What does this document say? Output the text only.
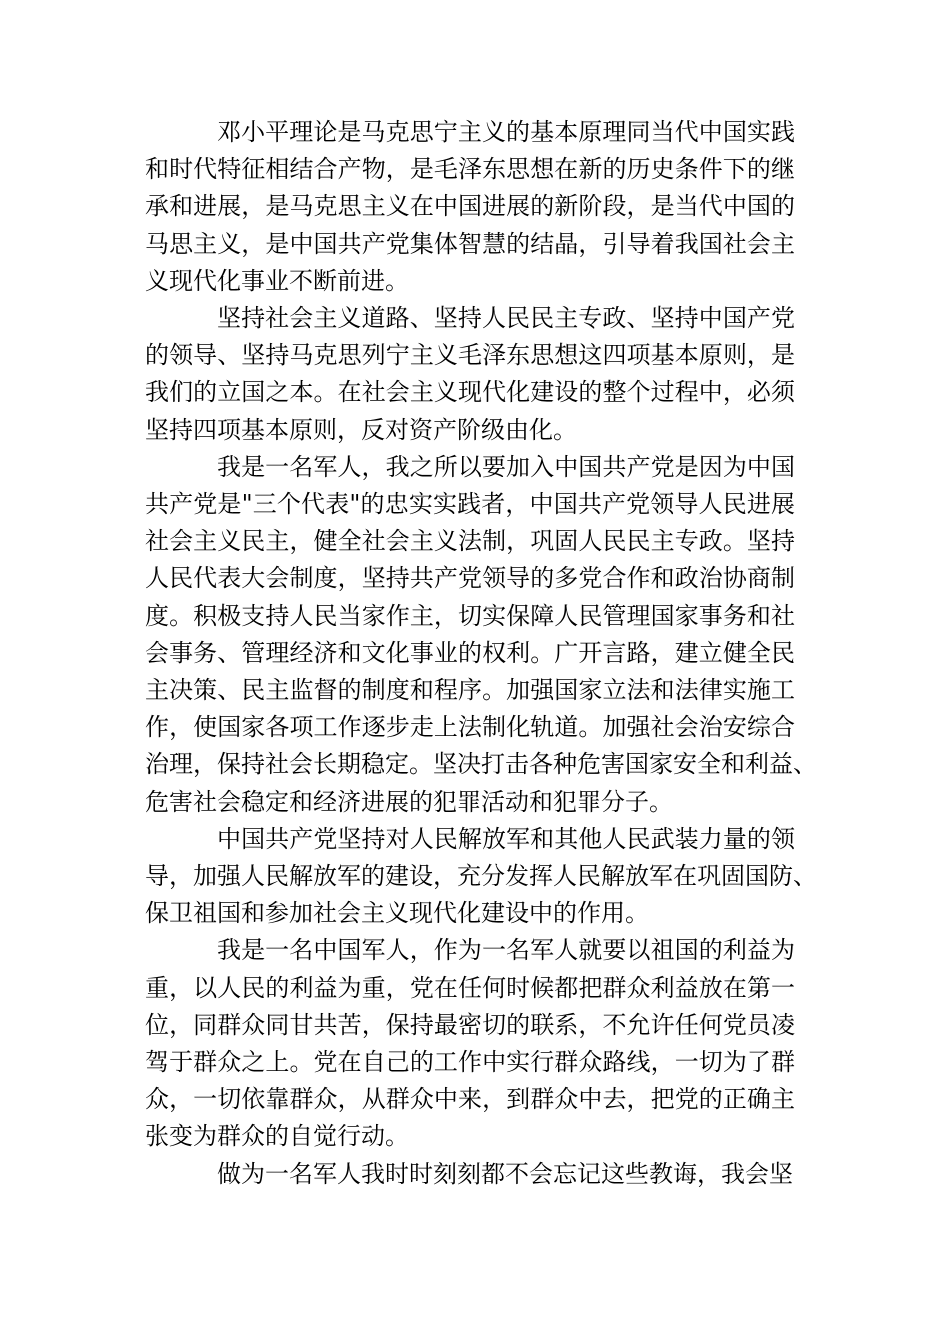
邓小平理论是马克思宁主义的基本原理同当代中国实践
和时代特征相结合产物，是毛泽东思想在新的历史条件下的继
承和进展，是马克思主义在中国进展的新阶段，是当代中国的
马思主义，是中国共产党集体智慧的结晶，引导着我国社会主
义现代化事业不断前进。

坚持社会主义道路、坚持人民民主专政、坚持中国产党
的领导、坚持马克思列宁主义毛泽东思想这四项基本原则，是
我们的立国之本。在社会主义现代化建设的整个过程中，必须
坚持四项基本原则，反对资产阶级由化。

我是一名军人，我之所以要加入中国共产党是因为中国
共产党是"三个代表"的忠实实践者，中国共产党领导人民进展
社会主义民主，健全社会主义法制，巩固人民民主专政。坚持
人民代表大会制度，坚持共产党领导的多党合作和政治协商制
度。积极支持人民当家作主，切实保障人民管理国家事务和社
会事务、管理经济和文化事业的权利。广开言路，建立健全民
主决策、民主监督的制度和程序。加强国家立法和法律实施工
作，使国家各项工作逐步走上法制化轨道。加强社会治安综合
治理，保持社会长期稳定。坚决打击各种危害国家安全和利益、
危害社会稳定和经济进展的犯罪活动和犯罪分子。

中国共产党坚持对人民解放军和其他人民武装力量的领
导，加强人民解放军的建设，充分发挥人民解放军在巩固国防、
保卫祖国和参加社会主义现代化建设中的作用。

我是一名中国军人，作为一名军人就要以祖国的利益为
重，以人民的利益为重，党在任何时候都把群众利益放在第一
位，同群众同甘共苦，保持最密切的联系，不允许任何党员凌
驾于群众之上。党在自己的工作中实行群众路线，一切为了群
众，一切依靠群众，从群众中来，到群众中去，把党的正确主
张变为群众的自觉行动。

做为一名军人我时时刻刻都不会忘记这些教诲，我会坚
